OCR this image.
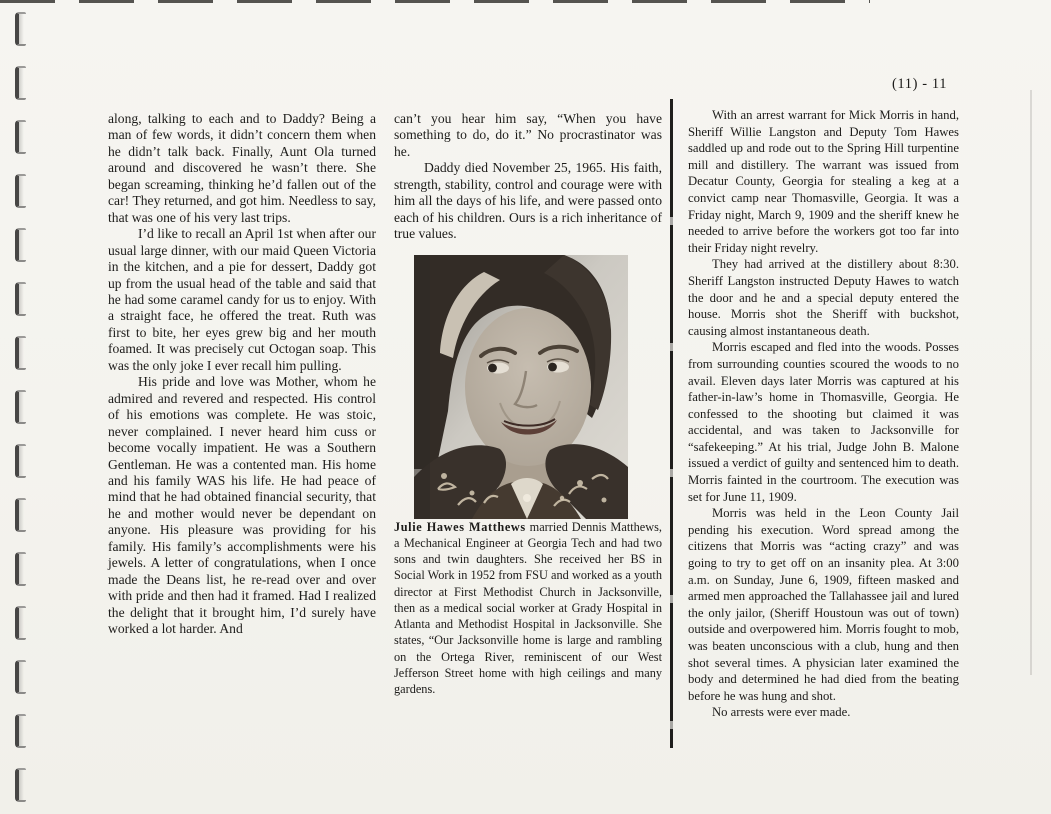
(11) - 11

along, talking to each and to Daddy? Being a man of few words, it didn’t concern them when he didn’t talk back. Finally, Aunt Ola turned around and discovered he wasn’t there. She began screaming, thinking he’d fallen out of the car! They returned, and got him. Needless to say, that was one of his very last trips.

I’d like to recall an April 1st when after our usual large dinner, with our maid Queen Victoria in the kitchen, and a pie for dessert, Daddy got up from the usual head of the table and said that he had some caramel candy for us to enjoy. With a straight face, he offered the treat. Ruth was first to bite, her eyes grew big and her mouth foamed. It was precisely cut Octogan soap. This was the only joke I ever recall him pulling.

His pride and love was Mother, whom he admired and revered and respected. His control of his emotions was complete. He was stoic, never complained. I never heard him cuss or become vocally impatient. He was a Southern Gentleman. He was a contented man. His home and his family WAS his life. He had peace of mind that he had obtained financial security, that he and mother would never be dependant on anyone. His pleasure was providing for his family. His family’s accomplishments were his jewels. A letter of congratulations, when I once made the Deans list, he re-read over and over with pride and then had it framed. Had I realized the delight that it brought him, I’d surely have worked a lot harder. And

can’t you hear him say, “When you have something to do, do it.” No procrastinator was he.

Daddy died November 25, 1965. His faith, strength, stability, control and courage were with him all the days of his life, and were passed onto each of his children. Ours is a rich inheritance of true values.

Julie Hawes Matthews married Dennis Matthews, a Mechanical Engineer at Georgia Tech and had two sons and twin daughters. She received her BS in Social Work in 1952 from FSU and worked as a youth director at First Methodist Church in Jacksonville, then as a medical social worker at Grady Hospital in Atlanta and Methodist Hospital in Jacksonville. She states, “Our Jacksonville home is large and rambling on the Ortega River, reminiscent of our West Jefferson Street home with high ceilings and many gardens.

With an arrest warrant for Mick Morris in hand, Sheriff Willie Langston and Deputy Tom Hawes saddled up and rode out to the Spring Hill turpentine mill and distillery. The warrant was issued from Decatur County, Georgia for stealing a keg at a convict camp near Thomasville, Georgia. It was a Friday night, March 9, 1909 and the sheriff knew he needed to arrive before the workers got too far into their Friday night revelry.

They had arrived at the distillery about 8:30. Sheriff Langston instructed Deputy Hawes to watch the door and he and a special deputy entered the house. Morris shot the Sheriff with buckshot, causing almost instantaneous death.

Morris escaped and fled into the woods. Posses from surrounding counties scoured the woods to no avail. Eleven days later Morris was captured at his father-in-law’s home in Thomasville, Georgia. He confessed to the shooting but claimed it was accidental, and was taken to Jacksonville for “safekeeping.” At his trial, Judge John B. Malone issued a verdict of guilty and sentenced him to death. Morris fainted in the courtroom. The execution was set for June 11, 1909.

Morris was held in the Leon County Jail pending his execution. Word spread among the citizens that Morris was “acting crazy” and was going to try to get off on an insanity plea. At 3:00 a.m. on Sunday, June 6, 1909, fifteen masked and armed men approached the Tallahassee jail and lured the only jailor, (Sheriff Houstoun was out of town) outside and overpowered him. Morris fought to mob, was beaten unconscious with a club, hung and then shot several times. A physician later examined the body and determined he had died from the beating before he was hung and shot.

No arrests were ever made.
